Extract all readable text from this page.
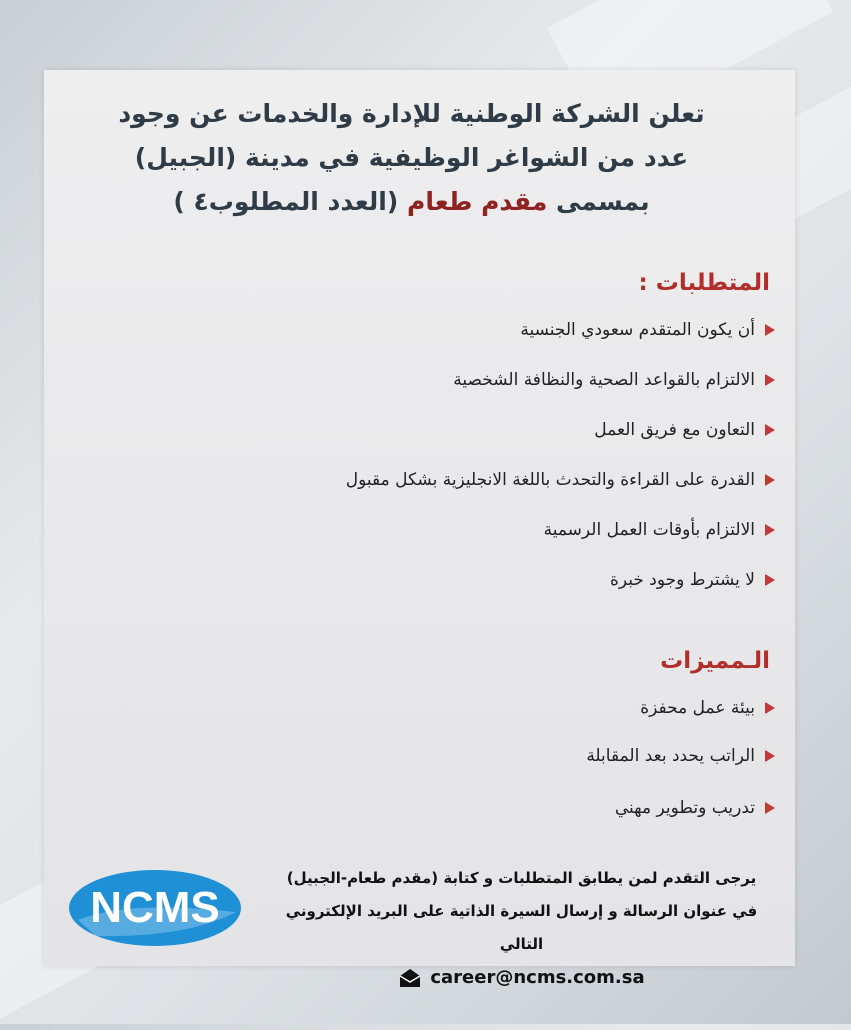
تعلن الشركة الوطنية للإدارة والخدمات عن وجود
عدد من الشواغر الوظيفية في مدينة (الجبيل)
بمسمى مقدم طعام (العدد المطلوب٤ )
المتطلبات :
أن يكون المتقدم سعودي الجنسية
الالتزام بالقواعد الصحية والنظافة الشخصية
التعاون مع فريق العمل
القدرة على القراءة والتحدث باللغة الانجليزية بشكل مقبول
الالتزام بأوقات العمل الرسمية
لا يشترط وجود خبرة
الـمميزات
بيئة عمل محفزة
الراتب يحدد بعد المقابلة
تدريب وتطوير مهني
NCMS
يرجى التقدم لمن يطابق المتطلبات و كتابة (مقدم طعام-الجبيل)
في عنوان الرسالة و إرسال السيرة الذاتية على البريد الإلكتروني التالي
career@ncms.com.sa
